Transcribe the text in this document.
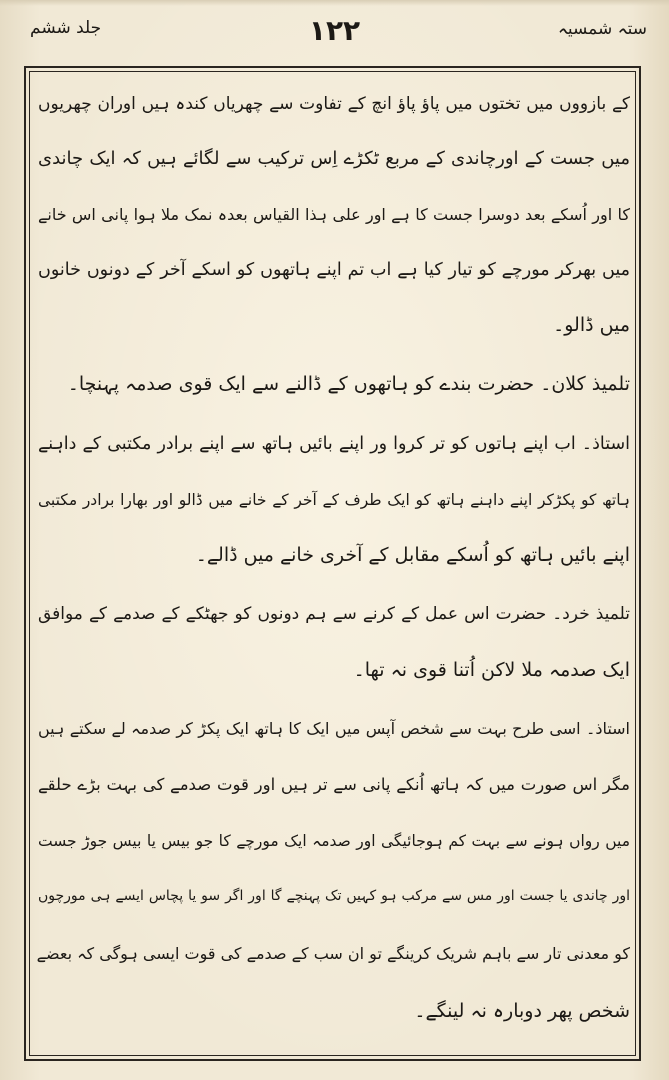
ستہ شمسیہ
۱۲۲
جلد ششم
کے بازووں میں تختوں میں پاؤ پاؤ انچ کے تفاوت سے چھریاں کندہ ہیں اوران چھریوں
میں جست کے اورچاندی کے مربع ٹکڑے اِس ترکیب سے لگائے ہیں کہ ایک چاندی
کا اور اُسکے بعد دوسرا جست کا ہے اور علی ہذا القیاس بعدہ نمک ملا ہوا پانی اس خانے
میں بھرکر مورچے کو تیار کیا ہے اب تم اپنے ہاتھوں کو اسکے آخر کے دونوں خانوں
میں ڈالو۔
تلمیذ کلان۔ حضرت بندے کو ہاتھوں کے ڈالنے سے ایک قوی صدمہ پہنچا۔
استاذ۔ اب اپنے ہاتوں کو تر کروا ور اپنے بائیں ہاتھ سے اپنے برادر مکتبی کے داہنے
ہاتھ کو پکڑکر اپنے داہنے ہاتھ کو ایک طرف کے آخر کے خانے میں ڈالو اور بھارا برادر مکتبی
اپنے بائیں ہاتھ کو اُسکے مقابل کے آخری خانے میں ڈالے۔
تلمیذ خرد۔ حضرت اس عمل کے کرنے سے ہم دونوں کو جھٹکے کے صدمے کے موافق
ایک صدمہ ملا لاکن اُتنا قوی نہ تھا۔
استاذ۔ اسی طرح بہت سے شخص آپس میں ایک کا ہاتھ ایک پکڑ کر صدمہ لے سکتے ہیں
مگر اس صورت میں کہ ہاتھ اُنکے پانی سے تر ہیں اور قوت صدمے کی بہت بڑے حلقے
میں رواں ہونے سے بہت کم ہوجائیگی اور صدمہ ایک مورچے کا جو بیس یا بیس جوڑ جست
اور چاندی یا جست اور مس سے مرکب ہو کہیں تک پہنچے گا اور اگر سو یا پچاس ایسے ہی مورچوں
کو معدنی تار سے باہم شریک کرینگے تو ان سب کے صدمے کی قوت ایسی ہوگی کہ بعضے
شخص پھر دوبارہ نہ لینگے۔
